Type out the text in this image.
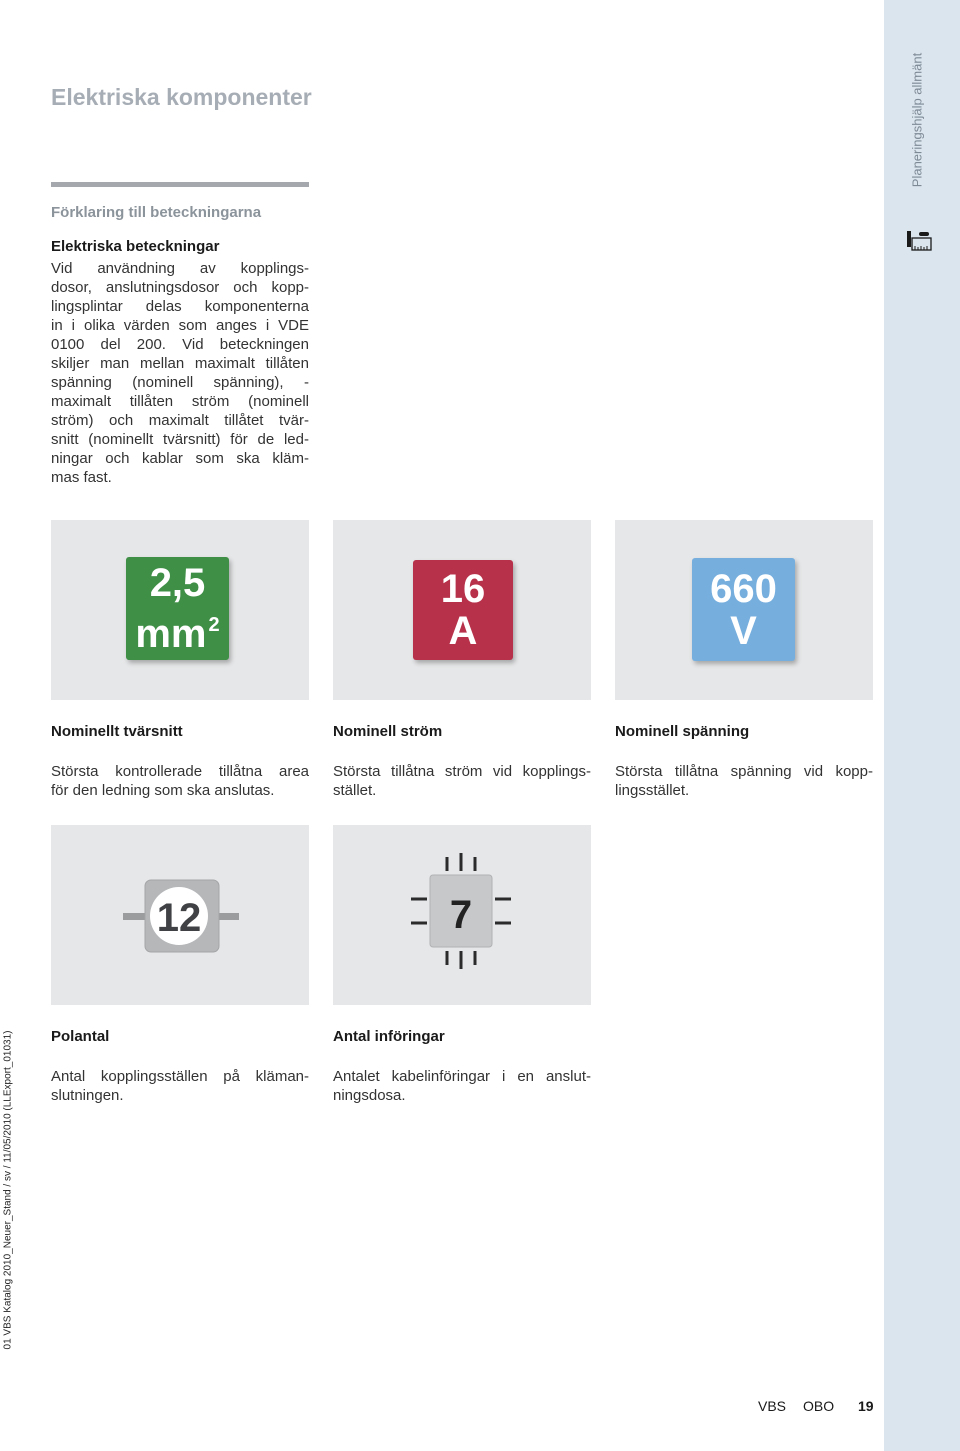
Elektriska komponenter
Förklaring till beteckningarna
Elektriska beteckningar
Vid användning av kopplings-
dosor, anslutningsdosor och kopp-
lingsplintar delas komponenterna
in i olika värden som anges i VDE
0100 del 200. Vid beteckningen
skiljer man mellan maximalt tillåten
spänning (nominell spänning), -
maximalt tillåten ström (nominell
ström) och maximalt tillåtet tvär-
snitt (nominellt tvärsnitt) för de led-
ningar och kablar som ska kläm-
mas fast.
2,5
mm $^2$
16
A
660
V
Nominellt tvärsnitt
Största kontrollerade tillåtna area
för den ledning som ska anslutas.
Nominell ström
Största tillåtna ström vid kopplings-
stället.
Nominell spänning
Största tillåtna spänning vid kopp-
lingsstället.
12	7
Polantal
Antal kopplingsställen på kläman-
slutningen.
Antal införingar
Antalet kabelinföringar i en anslut-
ningsdosa.
Planeringshjälp allmänt
01 VBS Katalog 2010_Neuer_Stand / sv / 11/05/2010 (LLExport_01031)
VBS OBO 19
